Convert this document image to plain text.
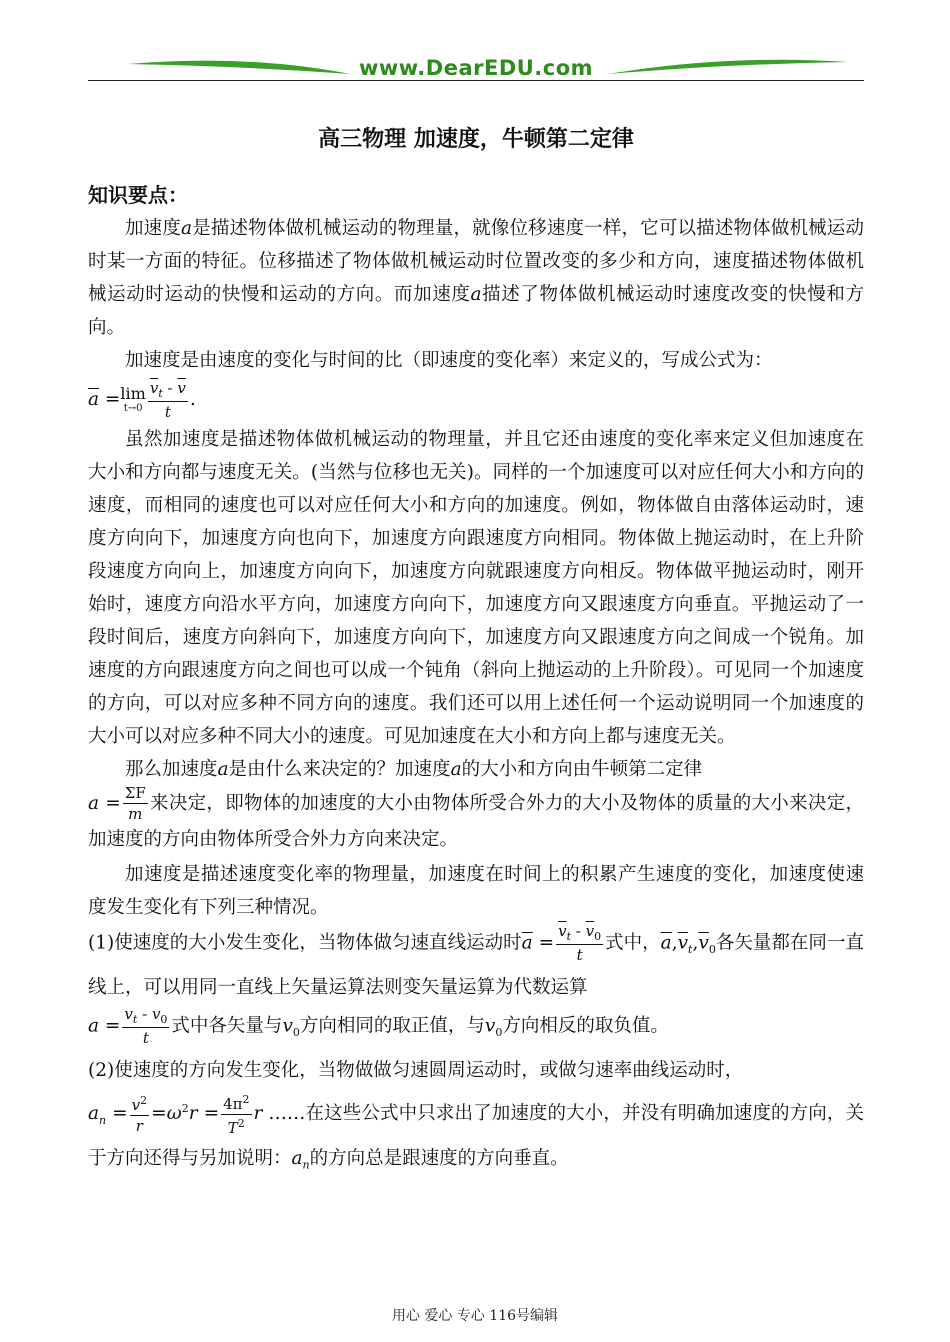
www.DearEDU.com
高三物理 加速度，牛顿第二定律
知识要点：

加速度a是描述物体做机械运动的物理量，就像位移速度一样，它可以描述物体做机械运动时某一方面的特征。位移描述了物体做机械运动时位置改变的多少和方向，速度描述物体做机械运动时运动的快慢和运动的方向。而加速度a描述了物体做机械运动时速度改变的快慢和方向。

加速度是由速度的变化与时间的比（即速度的变化率）来定义的，写成公式为：

$\overline{a} =\lim$
$t\to 0 \frac{\overline{v}_t - \overline{v}}{t}$ .

虽然加速度是描述物体做机械运动的物理量，并且它还由速度的变化率来定义但加速度在大小和方向都与速度无关。(当然与位移也无关)。同样的一个加速度可以对应任何大小和方向的速度，而相同的速度也可以对应任何大小和方向的加速度。例如，物体做自由落体运动时，速度方向向下，加速度方向也向下，加速度方向跟速度方向相同。物体做上抛运动时，在上升阶段速度方向向上，加速度方向向下，加速度方向就跟速度方向相反。物体做平抛运动时，刚开始时，速度方向沿水平方向，加速度方向向下，加速度方向又跟速度方向垂直。平抛运动了一段时间后，速度方向斜向下，加速度方向向下，加速度方向又跟速度方向之间成一个锐角。加速度的方向跟速度方向之间也可以成一个钝角（斜向上抛运动的上升阶段）。可见同一个加速度的方向，可以对应多种不同方向的速度。我们还可以用上述任何一个运动说明同一个加速度的大小可以对应多种不同大小的速度。可见加速度在大小和方向上都与速度无关。

那么加速度a是由什么来决定的？加速度a的大小和方向由牛顿第二定律

$a = \frac{\Sigma F}{m}$ 来决定，即物体的加速度的大小由物体所受合外力的大小及物体的质量的大小来决定，加速度的方向由物体所受合外力方向来决定。

加速度是描述速度变化率的物理量，加速度在时间上的积累产生速度的变化，加速度使速度发生变化有下列三种情况。

(1)使速度的大小发生变化，当物体做匀速直线运动时$\overline{a} = \frac{\overline{v}_t - \overline{v}_0}{t}$ 式中，$\overline{a},\overline{v}_t,\overline{v}_0$各矢量都在同一直线上，可以用同一直线上矢量运算法则变矢量运算为代数运算
$a = \frac{v_t - v_0}{t}$ 式中各矢量与$v_0$方向相同的取正值，与$v_0$方向相反的取负值。

(2)使速度的方向发生变化，当物做做匀速圆周运动时，或做匀速率曲线运动时，
$a_n = \frac{v^2}{r} =\omega^2r = \frac{4\pi^2}{T^2}$ r ……在这些公式中只求出了加速度的大小，并没有明确加速度的方向，关于方向还得与另加说明：$a_n$的方向总是跟速度的方向垂直。

用心 爱心 专心 116号编辑
